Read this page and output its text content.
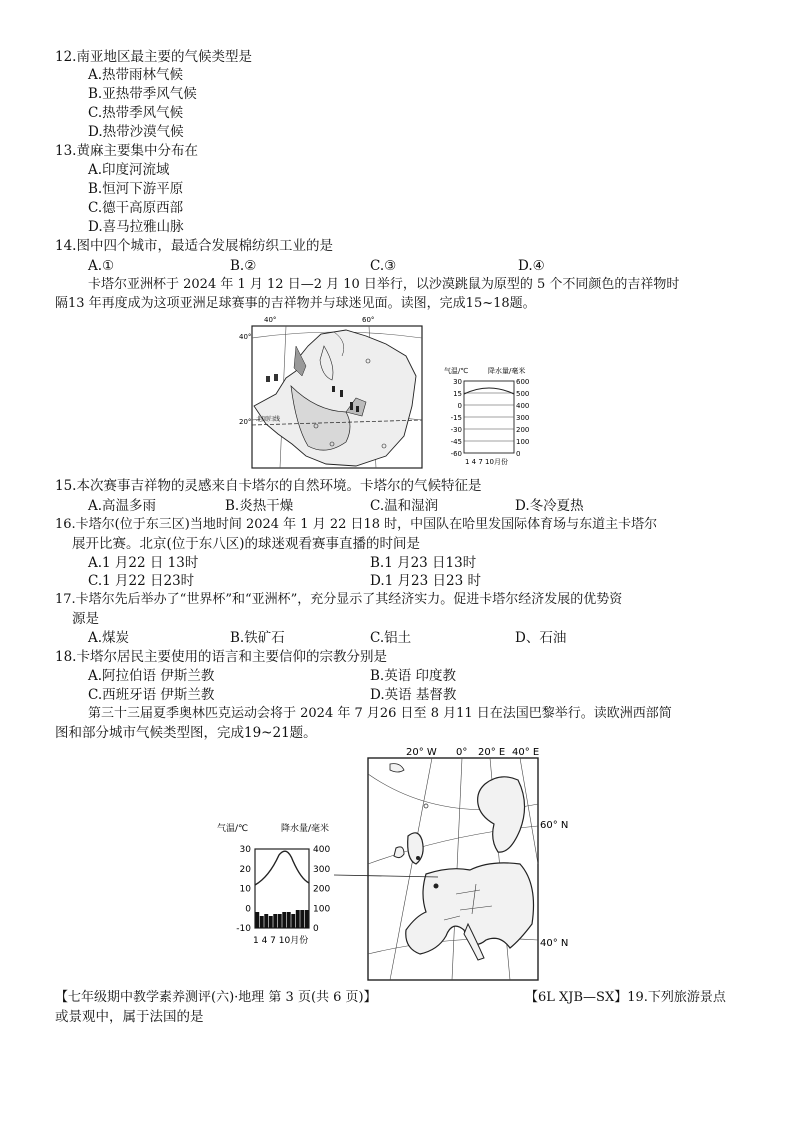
12.南亚地区最主要的气候类型是
A.热带雨林气候
B.亚热带季风气候
C.热带季风气候
D.热带沙漠气候
13.黄麻主要集中分布在
A.印度河流域
B.恒河下游平原
C.德干高原西部
D.喜马拉雅山脉
14.图中四个城市，最适合发展棉纺织工业的是
A.①	B.②	C.③	D.④
卡塔尔亚洲杯于 2024 年 1 月 12 日—2 月 10 日举行，以沙漠跳鼠为原型的 5 个不同颜色的吉祥物时
隔13 年再度成为这项亚洲足球赛事的吉祥物并与球迷见面。读图，完成15~18题。
40°	60°
40°
20° 北回归线
气温/℃	降水量/毫米
30
15
0
-15
-30
-45
-60
600
500
400
300
200
100
0
1 4 7 10月份
15.本次赛事吉祥物的灵感来自卡塔尔的自然环境。卡塔尔的气候特征是
A.高温多雨	B.炎热干燥	C.温和湿润	D.冬冷夏热
16.卡塔尔(位于东三区)当地时间 2024 年 1 月 22 日18 时，中国队在哈里发国际体育场与东道主卡塔尔
展开比赛。北京(位于东八区)的球迷观看赛事直播的时间是
A.1 月22 日 13时	B.1 月23 日13时
C.1 月22 日23时	D.1 月23 日23 时
17.卡塔尔先后举办了“世界杯”和“亚洲杯”，充分显示了其经济实力。促进卡塔尔经济发展的优势资
源是
A.煤炭	B.铁矿石	C.铝土	D、石油
18.卡塔尔居民主要使用的语言和主要信仰的宗教分别是
A.阿拉伯语 伊斯兰教	B.英语 印度教
C.西班牙语 伊斯兰教	D.英语 基督教
第三十三届夏季奥林匹克运动会将于 2024 年 7 月26 日至 8 月11 日在法国巴黎举行。读欧洲西部简
图和部分城市气候类型图，完成19~21题。
20° W 0° 20° E 40° E
60° N
40° N
气温/℃	降水量/毫米
30
20
10
0
-10
400
300
200
100
0
1 4 7 10月份
【七年级期中教学素养测评(六)·地理 第 3 页(共 6 页)】	【6L XJB—SX】19.下列旅游景点
或景观中，属于法国的是
